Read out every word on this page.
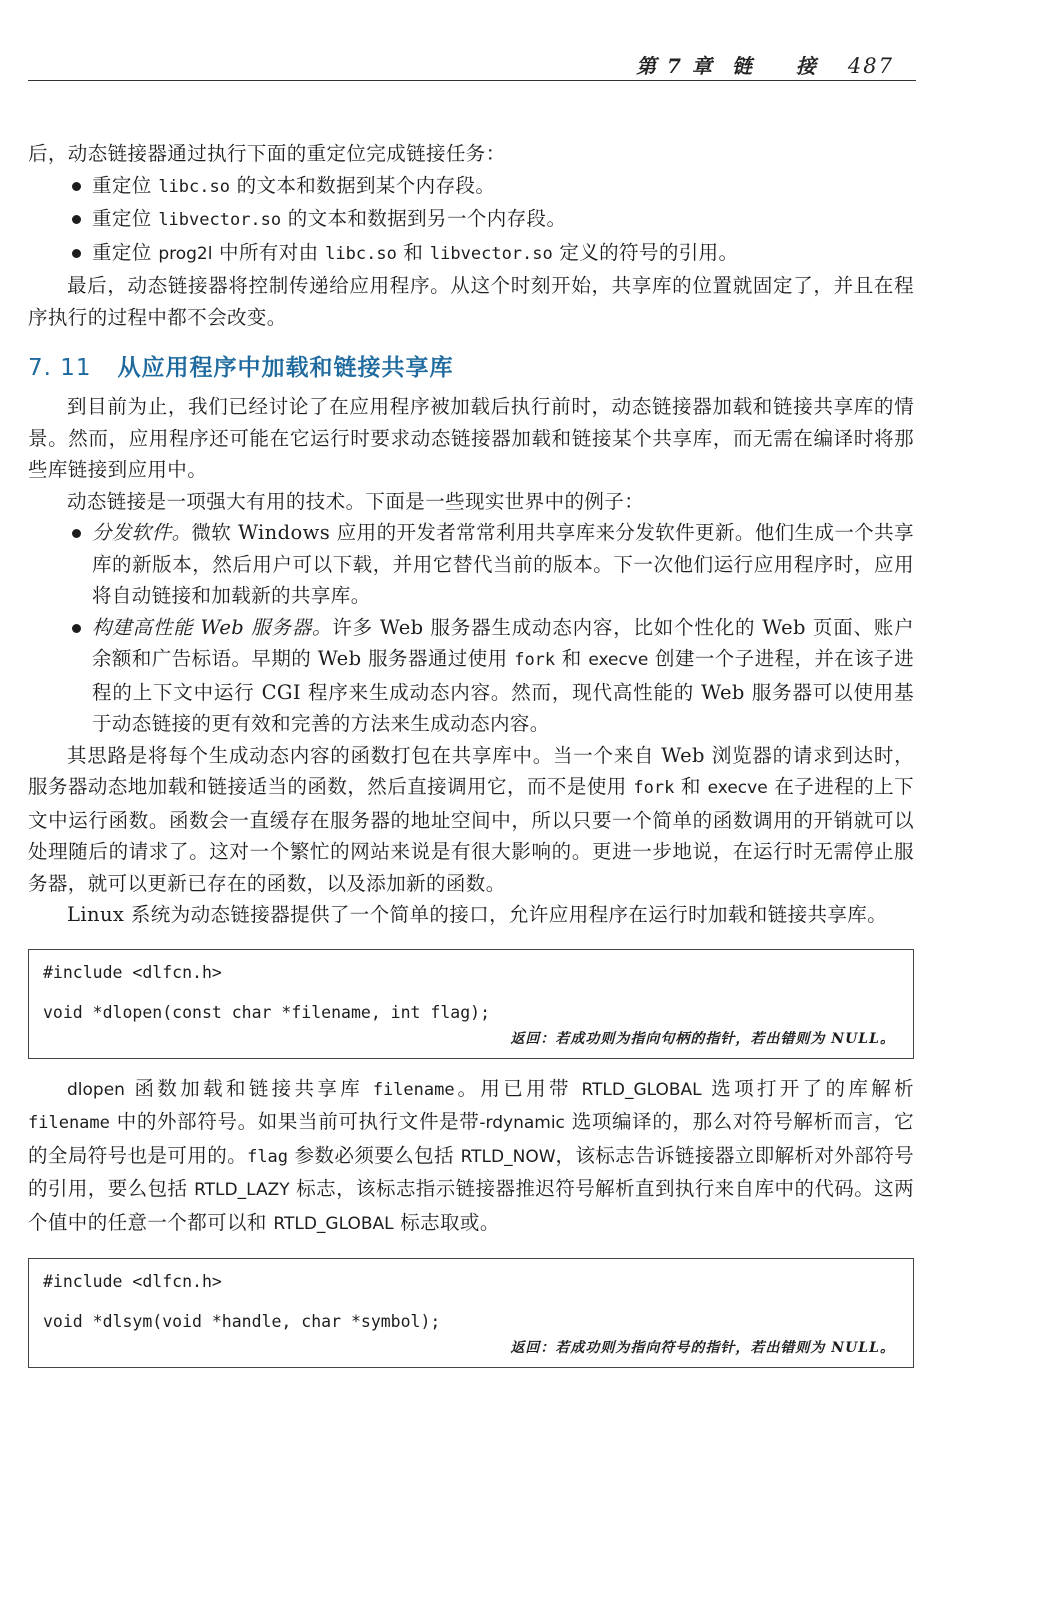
第 7 章 链 接 487

后，动态链接器通过执行下面的重定位完成链接任务：

重定位 libc.so 的文本和数据到某个内存段。
重定位 libvector.so 的文本和数据到另一个内存段。
重定位 prog2l 中所有对由 libc.so 和 libvector.so 定义的符号的引用。

最后，动态链接器将控制传递给应用程序。从这个时刻开始，共享库的位置就固定了，并且在程序执行的过程中都不会改变。

7. 11 从应用程序中加载和链接共享库

到目前为止，我们已经讨论了在应用程序被加载后执行前时，动态链接器加载和链接共享库的情景。然而，应用程序还可能在它运行时要求动态链接器加载和链接某个共享库，而无需在编译时将那些库链接到应用中。

动态链接是一项强大有用的技术。下面是一些现实世界中的例子：

分发软件。微软 Windows 应用的开发者常常利用共享库来分发软件更新。他们生成一个共享库的新版本，然后用户可以下载，并用它替代当前的版本。下一次他们运行应用程序时，应用将自动链接和加载新的共享库。
构建高性能 Web 服务器。许多 Web 服务器生成动态内容，比如个性化的 Web 页面、账户余额和广告标语。早期的 Web 服务器通过使用 fork 和 execve 创建一个子进程，并在该子进程的上下文中运行 CGI 程序来生成动态内容。然而，现代高性能的 Web 服务器可以使用基于动态链接的更有效和完善的方法来生成动态内容。

其思路是将每个生成动态内容的函数打包在共享库中。当一个来自 Web 浏览器的请求到达时，服务器动态地加载和链接适当的函数，然后直接调用它，而不是使用 fork 和 execve 在子进程的上下文中运行函数。函数会一直缓存在服务器的地址空间中，所以只要一个简单的函数调用的开销就可以处理随后的请求了。这对一个繁忙的网站来说是有很大影响的。更进一步地说，在运行时无需停止服务器，就可以更新已存在的函数，以及添加新的函数。

Linux 系统为动态链接器提供了一个简单的接口，允许应用程序在运行时加载和链接共享库。

#include <dlfcn.h>
void *dlopen(const char *filename, int flag);
返回：若成功则为指向句柄的指针，若出错则为 NULL。

dlopen 函数加载和链接共享库 filename。用已用带 RTLD_GLOBAL 选项打开了的库解析 filename 中的外部符号。如果当前可执行文件是带-rdynamic 选项编译的，那么对符号解析而言，它的全局符号也是可用的。flag 参数必须要么包括 RTLD_NOW，该标志告诉链接器立即解析对外部符号的引用，要么包括 RTLD_LAZY 标志，该标志指示链接器推迟符号解析直到执行来自库中的代码。这两个值中的任意一个都可以和 RTLD_GLOBAL 标志取或。

#include <dlfcn.h>
void *dlsym(void *handle, char *symbol);
返回：若成功则为指向符号的指针，若出错则为 NULL。
